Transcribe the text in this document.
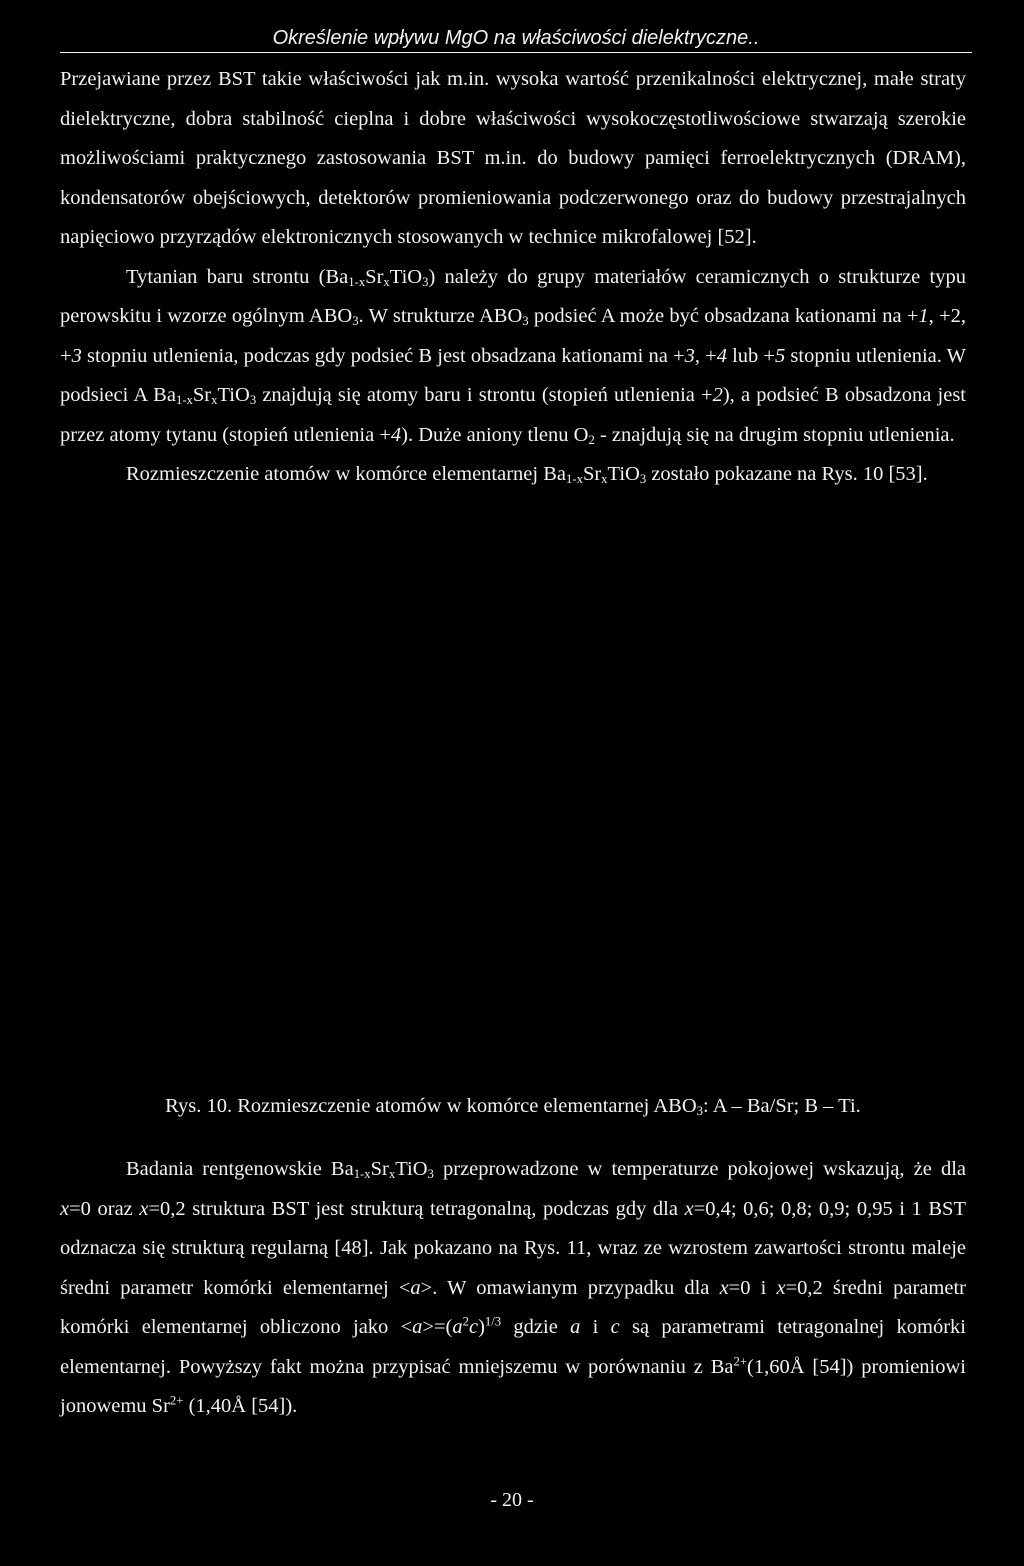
Określenie wpływu MgO na właściwości dielektryczne..

Przejawiane przez BST takie właściwości jak m.in. wysoka wartość przenikalności elektrycznej, małe straty dielektryczne, dobra stabilność cieplna i dobre właściwości wysokoczęstotliwościowe stwarzają szerokie możliwościami praktycznego zastosowania BST m.in. do budowy pamięci ferroelektrycznych (DRAM), kondensatorów obejściowych, detektorów promieniowania podczerwonego oraz do budowy przestrajalnych napięciowo przyrządów elektronicznych stosowanych w technice mikrofalowej [52].

Tytanian baru strontu $(Ba_{1-x}Sr_xTiO_3)$ należy do grupy materiałów ceramicznych o strukturze typu perowskitu i wzorze ogólnym $ABO_3$. W strukturze $ABO_3$ podsieć A może być obsadzana kationami na +1, +2, +3 stopniu utlenienia, podczas gdy podsieć B jest obsadzana kationami na +3, +4 lub +5 stopniu utlenienia. W podsieci A $Ba_{1-x}Sr_xTiO_3$ znajdują się atomy baru i strontu (stopień utlenienia +2), a podsieć B obsadzona jest przez atomy tytanu (stopień utlenienia +4). Duże aniony tlenu $O_2$ - znajdują się na drugim stopniu utlenienia.

Rozmieszczenie atomów w komórce elementarnej $Ba_{1-x}Sr_xTiO_3$ zostało pokazane na Rys. 10 [53].

Rys. 10. Rozmieszczenie atomów w komórce elementarnej $ABO_3$: A – Ba/Sr; B – Ti.

Badania rentgenowskie $Ba_{1-x}Sr_xTiO_3$ przeprowadzone w temperaturze pokojowej wskazują, że dla x=0 oraz x=0,2 struktura BST jest strukturą tetragonalną, podczas gdy dla x=0,4; 0,6; 0,8; 0,9; 0,95 i 1 BST odznacza się strukturą regularną [48]. Jak pokazano na Rys. 11, wraz ze wzrostem zawartości strontu maleje średni parametr komórki elementarnej <a>. W omawianym przypadku dla x=0 i x=0,2 średni parametr komórki elementarnej obliczono jako $<a>=(a^2c)^{1/3}$ gdzie a i c są parametrami tetragonalnej komórki elementarnej. Powyższy fakt można przypisać mniejszemu w porównaniu z $Ba^{2+}(1,60Å$ [54]) promieniowi jonowemu $Sr^{2+}$ (1,40Å [54]).

- 20 -
